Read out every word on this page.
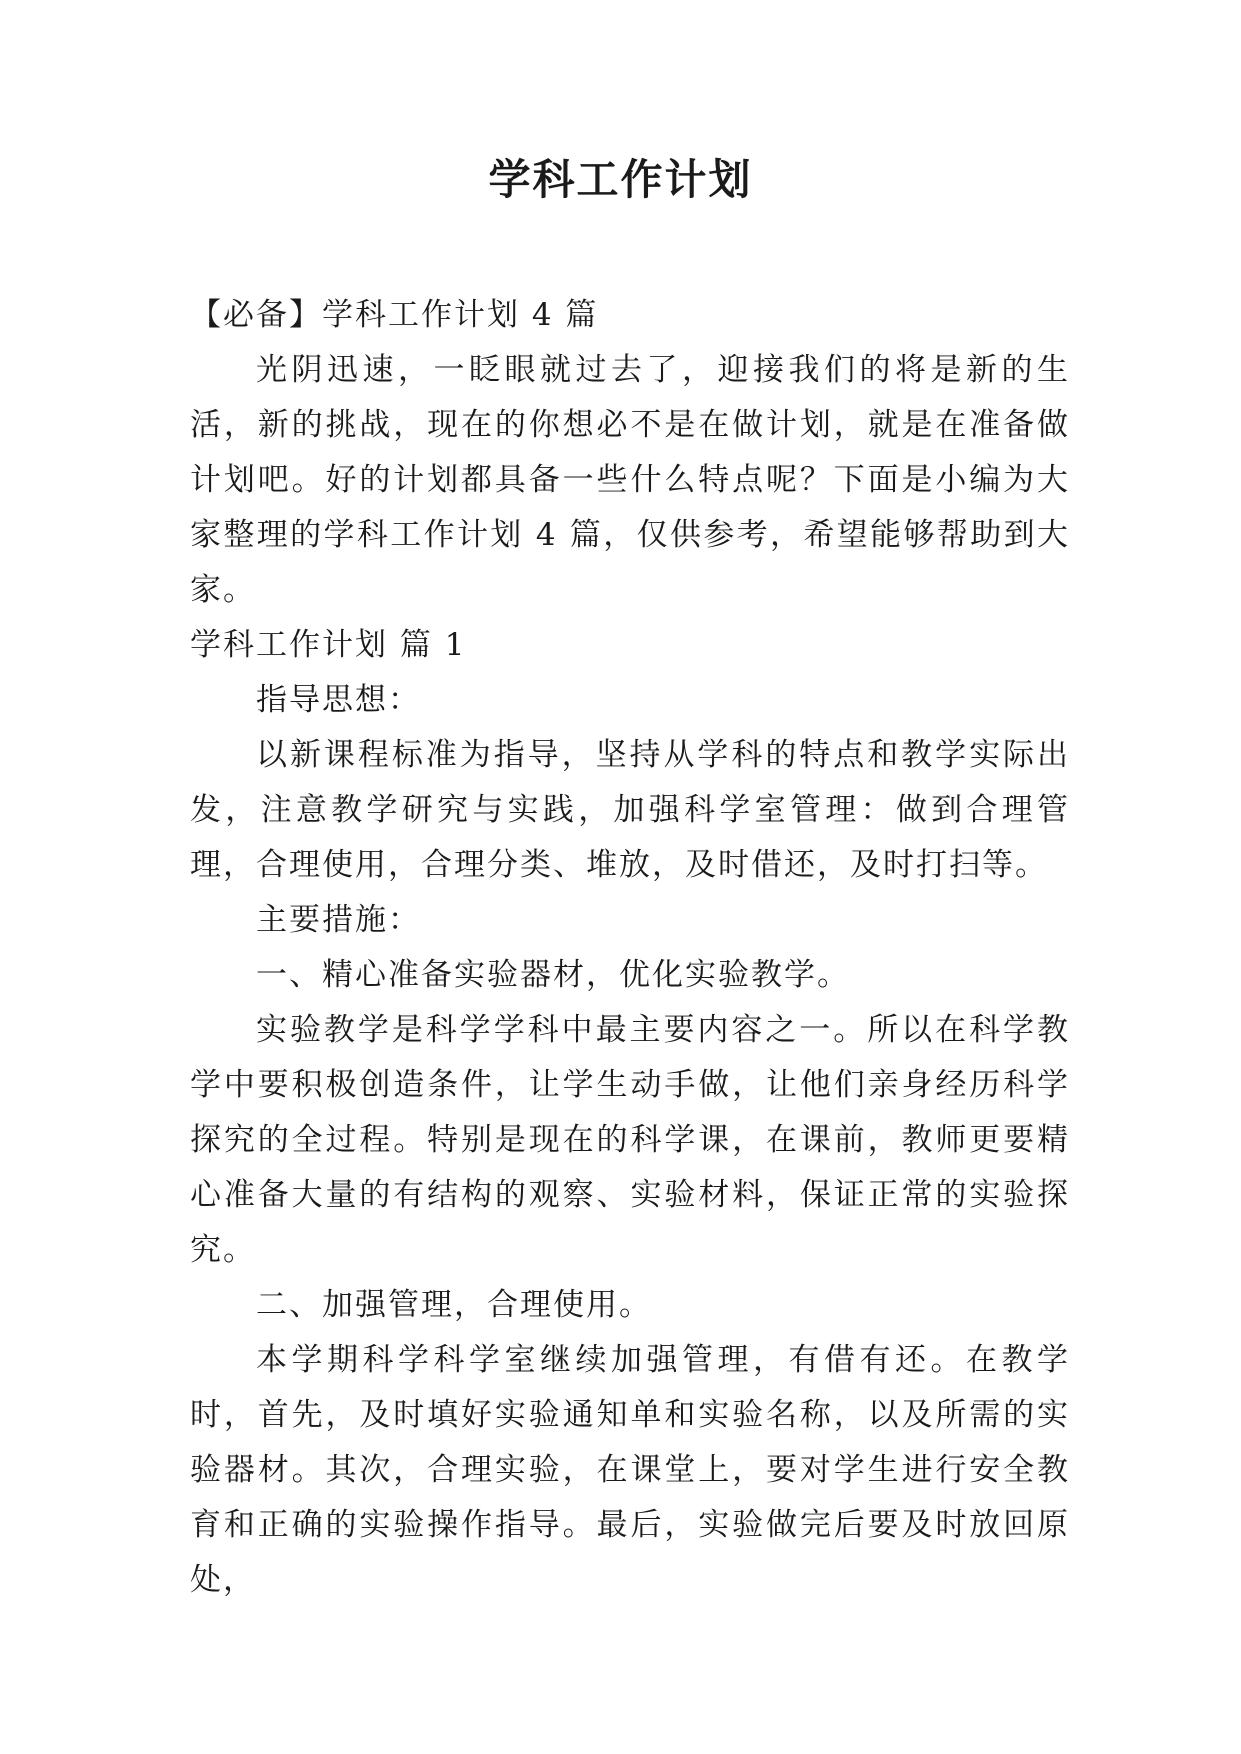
学科工作计划

【必备】学科工作计划 4 篇

光阴迅速，一眨眼就过去了，迎接我们的将是新的生活，新的挑战，现在的你想必不是在做计划，就是在准备做计划吧。好的计划都具备一些什么特点呢？下面是小编为大家整理的学科工作计划 4 篇，仅供参考，希望能够帮助到大家。

学科工作计划 篇 1

指导思想：

以新课程标准为指导，坚持从学科的特点和教学实际出发，注意教学研究与实践，加强科学室管理：做到合理管理，合理使用，合理分类、堆放，及时借还，及时打扫等。

主要措施：

一、精心准备实验器材，优化实验教学。

实验教学是科学学科中最主要内容之一。所以在科学教学中要积极创造条件，让学生动手做，让他们亲身经历科学探究的全过程。特别是现在的科学课，在课前，教师更要精心准备大量的有结构的观察、实验材料，保证正常的实验探究。

二、加强管理，合理使用。

本学期科学科学室继续加强管理，有借有还。在教学时，首先，及时填好实验通知单和实验名称，以及所需的实验器材。其次，合理实验，在课堂上，要对学生进行安全教育和正确的实验操作指导。最后，实验做完后要及时放回原处，
